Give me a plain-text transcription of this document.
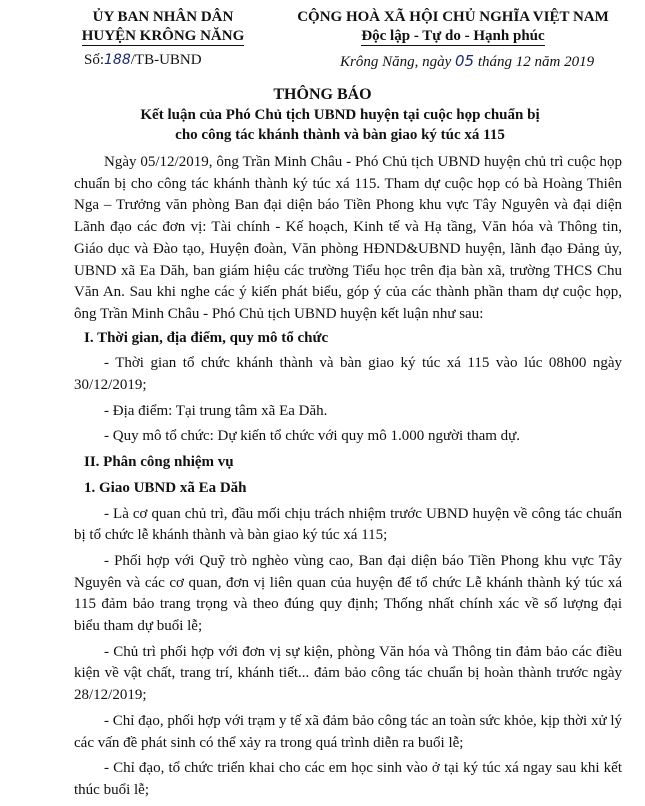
ỦY BAN NHÂN DÂN
HUYỆN KRÔNG NĂNG
CỘNG HOÀ XÃ HỘI CHỦ NGHĨA VIỆT NAM
Độc lập - Tự do - Hạnh phúc
Số:188/TB-UBND	Krông Năng, ngày 05 tháng 12 năm 2019
THÔNG BÁO
Kết luận của Phó Chủ tịch UBND huyện tại cuộc họp chuẩn bị
cho công tác khánh thành và bàn giao ký túc xá 115

Ngày 05/12/2019, ông Trần Minh Châu - Phó Chủ tịch UBND huyện chủ trì cuộc họp chuẩn bị cho công tác khánh thành ký túc xá 115. Tham dự cuộc họp có bà Hoàng Thiên Nga – Trưởng văn phòng Ban đại diện báo Tiền Phong khu vực Tây Nguyên và đại diện Lãnh đạo các đơn vị: Tài chính - Kế hoạch, Kinh tế và Hạ tầng, Văn hóa và Thông tin, Giáo dục và Đào tạo, Huyện đoàn, Văn phòng HĐND&UBND huyện, lãnh đạo Đảng ủy, UBND xã Ea Dăh, ban giám hiệu các trường Tiểu học trên địa bàn xã, trường THCS Chu Văn An. Sau khi nghe các ý kiến phát biểu, góp ý của các thành phần tham dự cuộc họp, ông Trần Minh Châu - Phó Chủ tịch UBND huyện kết luận như sau:

I. Thời gian, địa điểm, quy mô tổ chức

- Thời gian tổ chức khánh thành và bàn giao ký túc xá 115 vào lúc 08h00 ngày 30/12/2019;

- Địa điểm: Tại trung tâm xã Ea Dăh.

- Quy mô tổ chức: Dự kiến tổ chức với quy mô 1.000 người tham dự.

II. Phân công nhiệm vụ
1. Giao UBND xã Ea Dăh

- Là cơ quan chủ trì, đầu mối chịu trách nhiệm trước UBND huyện về công tác chuẩn bị tổ chức lễ khánh thành và bàn giao ký túc xá 115;

- Phối hợp với Quỹ trò nghèo vùng cao, Ban đại diện báo Tiền Phong khu vực Tây Nguyên và các cơ quan, đơn vị liên quan của huyện để tổ chức Lễ khánh thành ký túc xá 115 đảm bảo trang trọng và theo đúng quy định; Thống nhất chính xác về số lượng đại biểu tham dự buổi lễ;

- Chủ trì phối hợp với đơn vị sự kiện, phòng Văn hóa và Thông tin đảm bảo các điều kiện về vật chất, trang trí, khánh tiết... đảm bảo công tác chuẩn bị hoàn thành trước ngày 28/12/2019;

- Chỉ đạo, phối hợp với trạm y tế xã đảm bảo công tác an toàn sức khỏe, kịp thời xử lý các vấn đề phát sinh có thể xảy ra trong quá trình diễn ra buổi lễ;

- Chỉ đạo, tổ chức triển khai cho các em học sinh vào ở tại ký túc xá ngay sau khi kết thúc buổi lễ;
